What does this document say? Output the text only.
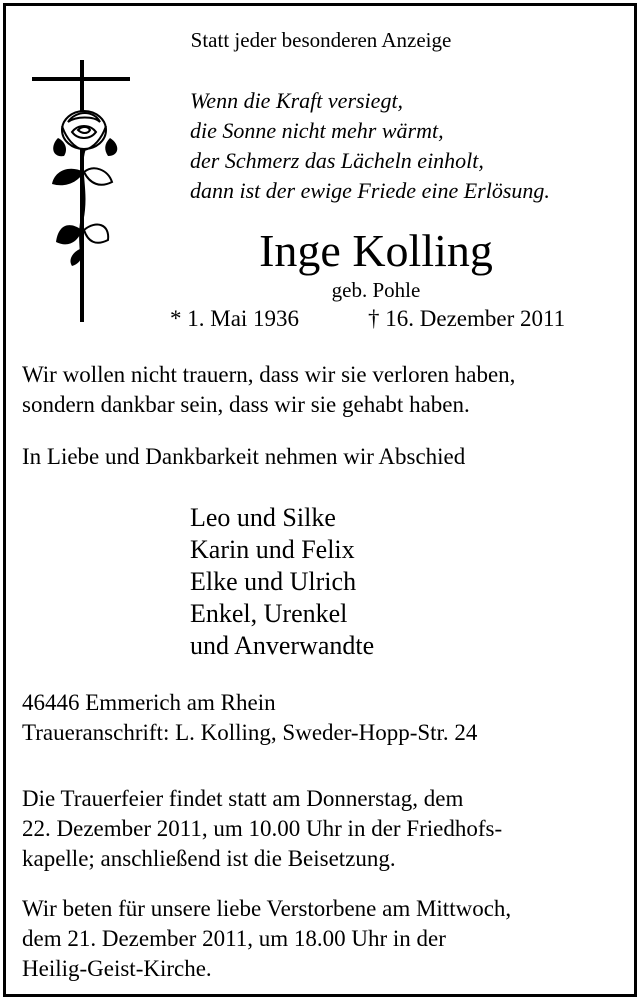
Statt jeder besonderen Anzeige
Wenn die Kraft versiegt,
die Sonne nicht mehr wärmt,
der Schmerz das Lächeln einholt,
dann ist der ewige Friede eine Erlösung.
Inge Kolling
geb. Pohle
* 1. Mai 1936	† 16. Dezember 2011
Wir wollen nicht trauern, dass wir sie verloren haben,
sondern dankbar sein, dass wir sie gehabt haben.
In Liebe und Dankbarkeit nehmen wir Abschied
Leo und Silke
Karin und Felix
Elke und Ulrich
Enkel, Urenkel
und Anverwandte
46446 Emmerich am Rhein
Traueranschrift: L. Kolling, Sweder-Hopp-Str. 24
Die Trauerfeier findet statt am Donnerstag, dem
22. Dezember 2011, um 10.00 Uhr in der Friedhofs-
kapelle; anschließend ist die Beisetzung.
Wir beten für unsere liebe Verstorbene am Mittwoch,
dem 21. Dezember 2011, um 18.00 Uhr in der
Heilig-Geist-Kirche.
